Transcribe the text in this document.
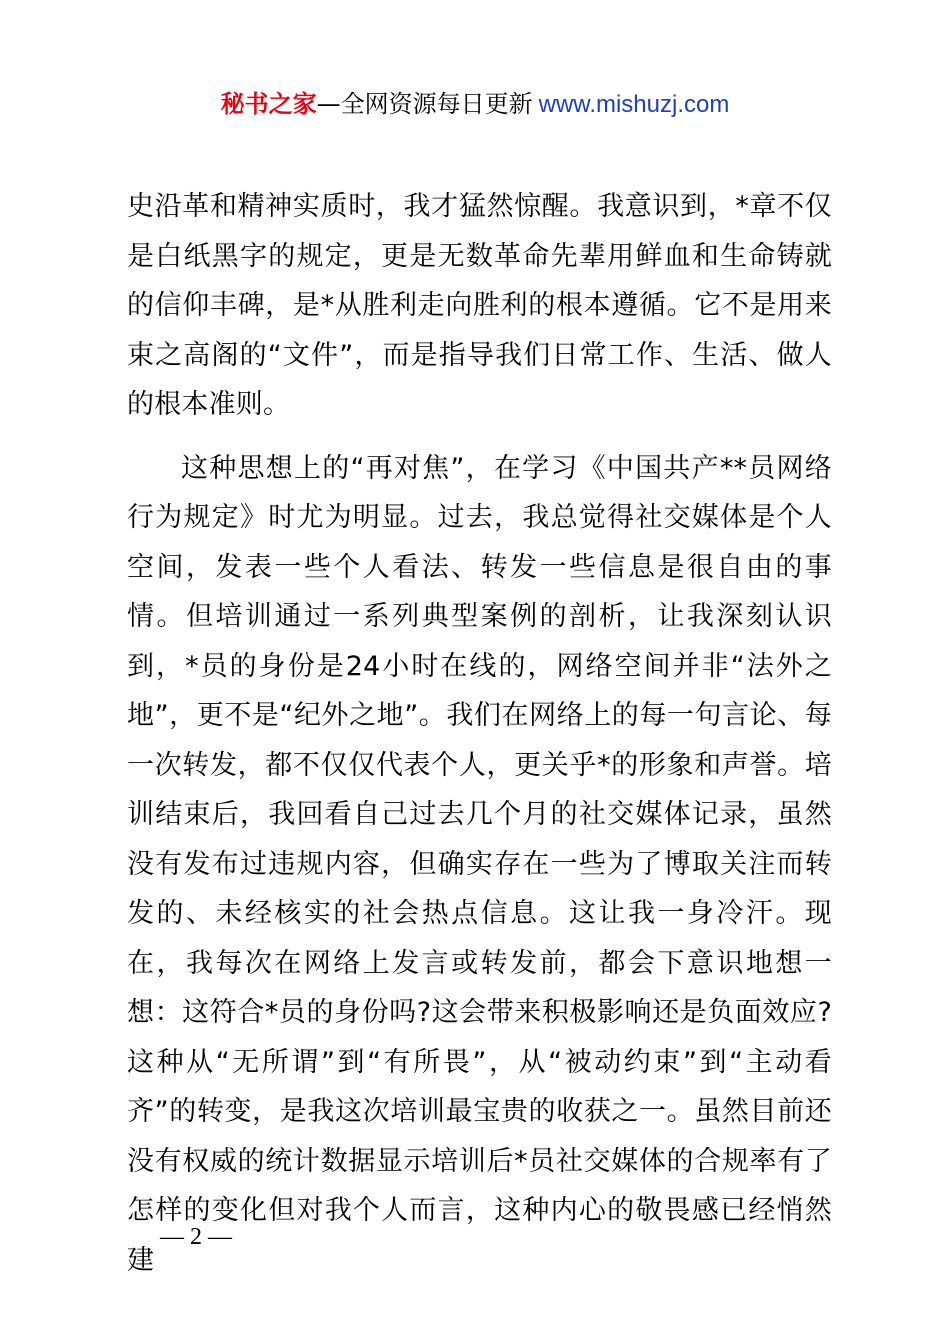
秘书之家—全网资源每日更新 www.mishuzj.com

史沿革和精神实质时，我才猛然惊醒。我意识到，*章不仅是白纸黑字的规定，更是无数革命先辈用鲜血和生命铸就的信仰丰碑，是*从胜利走向胜利的根本遵循。它不是用来束之高阁的“文件”，而是指导我们日常工作、生活、做人的根本准则。

这种思想上的“再对焦”，在学习《中国共产**员网络行为规定》时尤为明显。过去，我总觉得社交媒体是个人空间，发表一些个人看法、转发一些信息是很自由的事情。但培训通过一系列典型案例的剖析，让我深刻认识到，*员的身份是24小时在线的，网络空间并非“法外之地”，更不是“纪外之地”。我们在网络上的每一句言论、每一次转发，都不仅仅代表个人，更关乎*的形象和声誉。培训结束后，我回看自己过去几个月的社交媒体记录，虽然没有发布过违规内容，但确实存在一些为了博取关注而转发的、未经核实的社会热点信息。这让我一身冷汗。现在，我每次在网络上发言或转发前，都会下意识地想一想：这符合*员的身份吗?这会带来积极影响还是负面效应?这种从“无所谓”到“有所畏”，从“被动约束”到“主动看齐”的转变，是我这次培训最宝贵的收获之一。虽然目前还没有权威的统计数据显示培训后*员社交媒体的合规率有了怎样的变化但对我个人而言，这种内心的敬畏感已经悄然建

— 2 —
